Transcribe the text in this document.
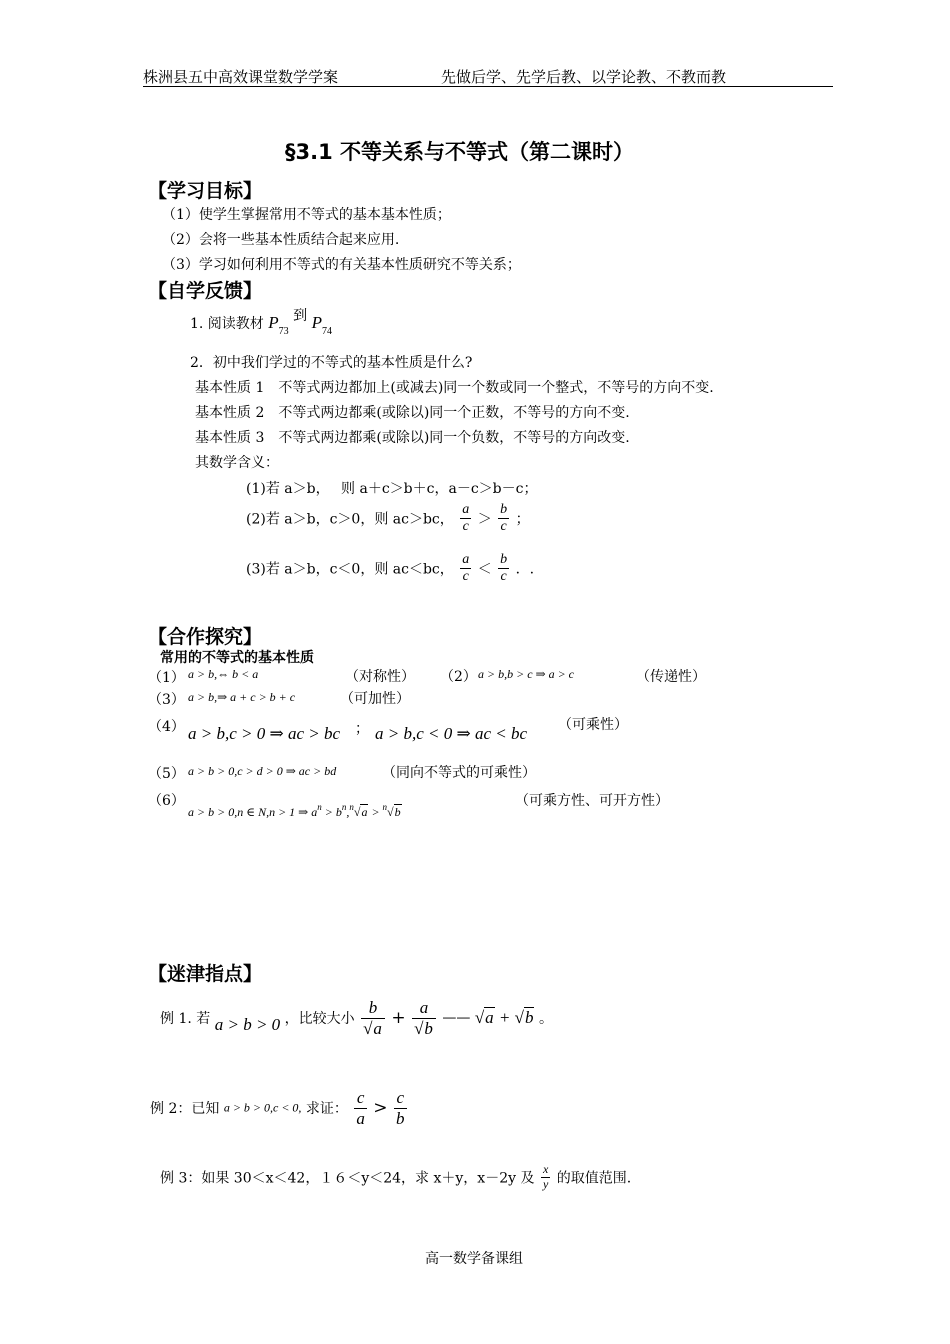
株洲县五中高效课堂数学学案	先做后学、先学后教、以学论教、不教而教
§3.1 不等关系与不等式（第二课时）
【学习目标】
（1）使学生掌握常用不等式的基本基本性质；
（2）会将一些基本性质结合起来应用.
（3）学习如何利用不等式的有关基本性质研究不等关系；
【自学反馈】
1. 阅读教材 $P_{73}$ 到 $P_{74}$
2．初中我们学过的不等式的基本性质是什么?
基本性质 1　不等式两边都加上(或减去)同一个数或同一个整式，不等号的方向不变.
基本性质 2　不等式两边都乘(或除以)同一个正数，不等号的方向不变.
基本性质 3　不等式两边都乘(或除以)同一个负数，不等号的方向改变.
其数学含义：
(1)若 a＞b，　 则 a＋c＞b＋c，a－c＞b－c；
(2)若 a＞b，c＞0，则 ac＞bc， $\frac{a}{c} > \frac{b}{c}$ ；
(3)若 a＞b，c＜0，则 ac＜bc， $\frac{a}{c} < \frac{b}{c}$ ．.
【合作探究】
常用的不等式的基本性质
（1） a > b,⇔ b < a	（对称性） （2） a > b,b > c ⇒ a > c	（传递性）
（3） a > b,⇒ a + c > b + c	（可加性）
（4） a > b,c > 0 ⇒ ac > bc ； a > b,c < 0 ⇒ ac < bc （可乘性）
（5） a > b > 0,c > d > 0 ⇒ ac > bd	（同向不等式的可乘性）
（6）
a > b > 0,n ∈ N,n > 1 ⇒ $a^n > b^n,^n√a > ^n√b$
（可乘方性、可开方性）
【迷津指点】
例 1. 若 a > b > 0 ，比较大小 $\frac{b}{√a} + \frac{a}{√b}$ —— √a + √b 。
例 2：已知 a > b > 0,c < 0, 求证： $\frac{c}{a} > \frac{c}{b}$
例 3：如果 30＜x＜42，１６＜y＜24，求 x＋y，x－2y 及 $\frac{x}{y}$ 的取值范围.
高一数学备课组
